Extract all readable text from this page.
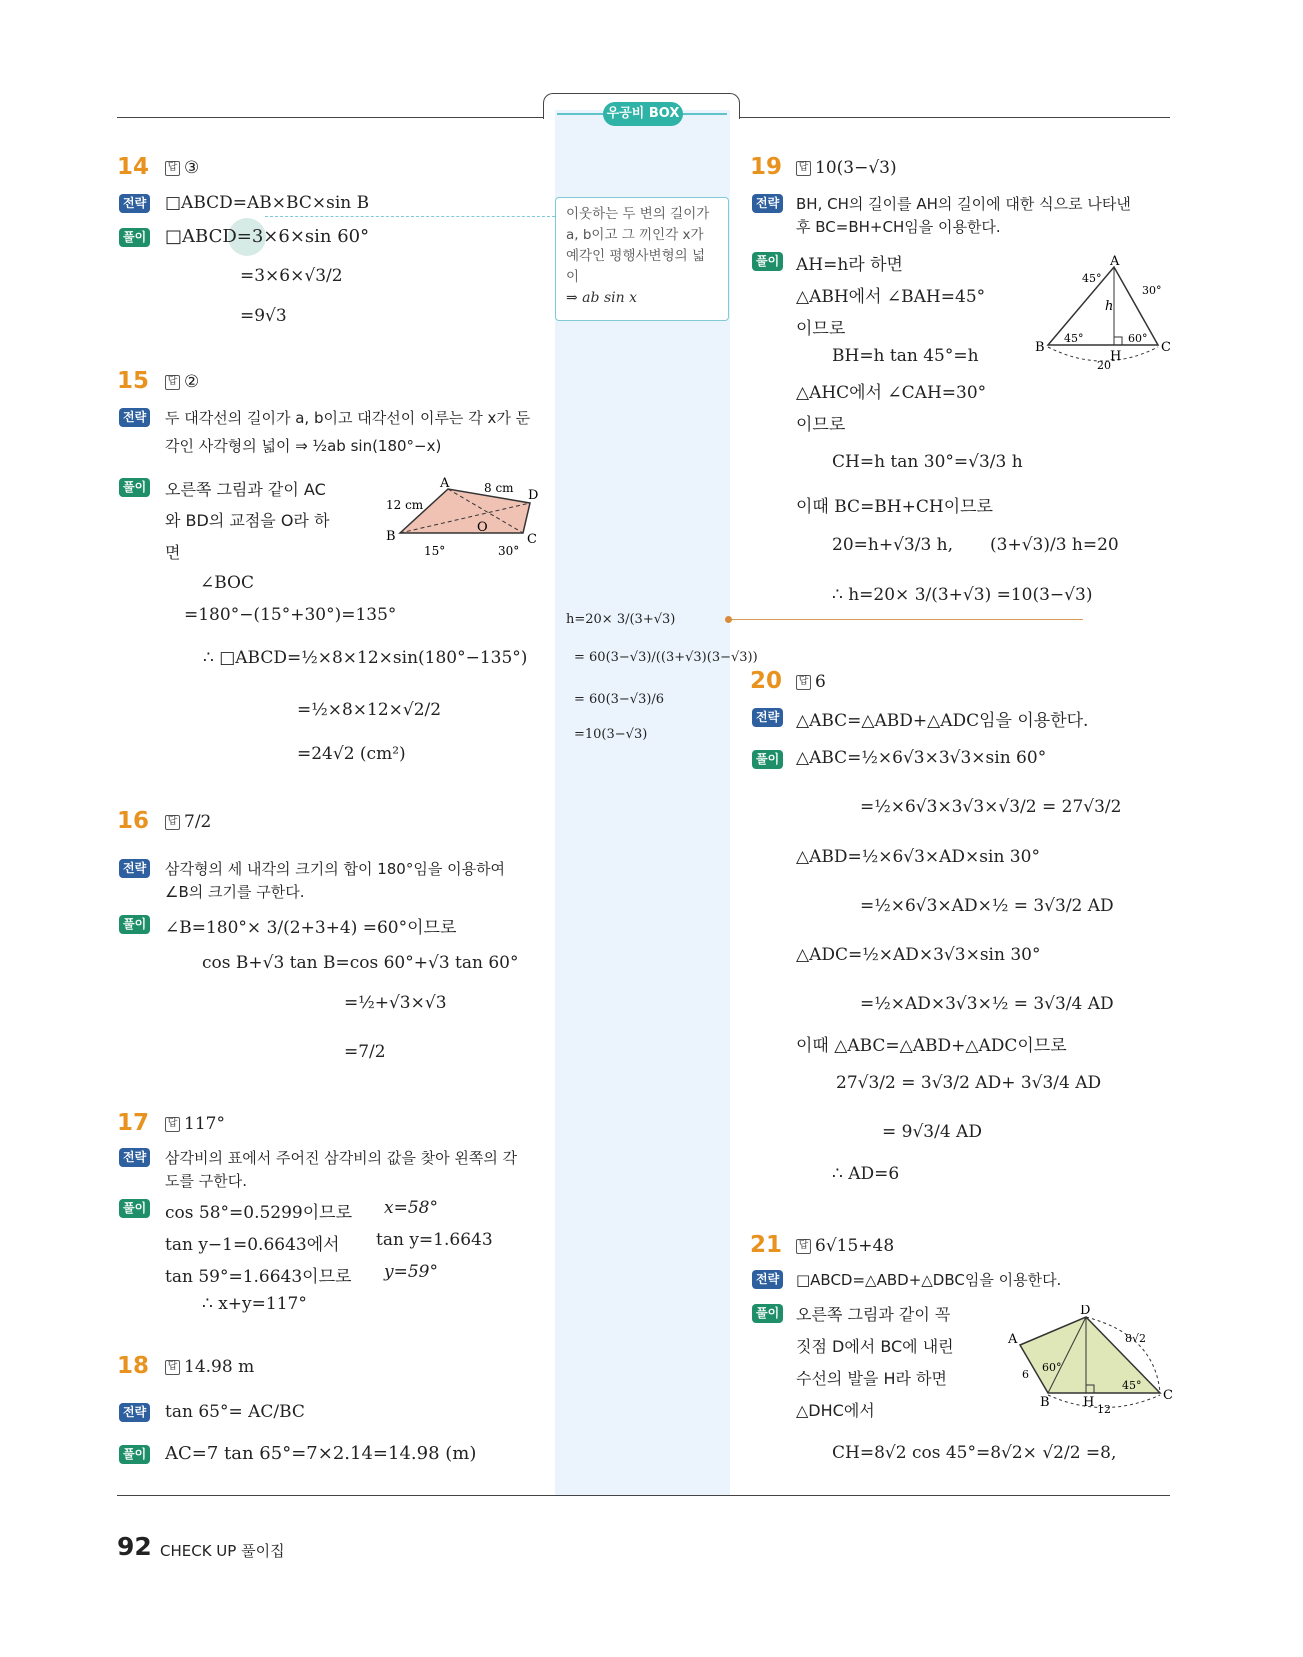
우공비 BOX
이웃하는 두 변의 길이가
a, b이고 그 끼인각 x가
예각인 평행사변형의 넓
이
⇒ ab sin x
h=20× 3/(3+√3)
= 60(3−√3)/((3+√3)(3−√3))
= 60(3−√3)/6
=10(3−√3)
14 답 ③
전략 □ABCD=AB×BC×sin B
풀이 □ABCD=3×6×sin 60°
=3×6×√3/2
=9√3
15 답 ②
전략 두 대각선의 길이가 a, b이고 대각선이 이루는 각 x가 둔
각인 사각형의 넓이 ⇒ ½ab sin(180°−x)
풀이 오른쪽 그림과 같이 AC
와 BD의 교점을 O라 하
면
A
B	C
D
O
12 cm
8 cm
15°	30°
∠BOC
=180°−(15°+30°)=135°
∴ □ABCD=½×8×12×sin(180°−135°)
=½×8×12×√2/2
=24√2 (cm²)
16 답 7/2
전략 삼각형의 세 내각의 크기의 합이 180°임을 이용하여
∠B의 크기를 구한다.
풀이 ∠B=180°× 3/(2+3+4) =60°이므로
cos B+√3 tan B=cos 60°+√3 tan 60°
=½+√3×√3
=7/2
17 답 117°
전략 삼각비의 표에서 주어진 삼각비의 값을 찾아 왼쪽의 각
도를 구한다.
풀이 cos 58°=0.5299이므로 x=58°
tan y−1=0.6643에서 tan y=1.6643
tan 59°=1.6643이므로 y=59°
∴ x+y=117°
18 답 14.98 m
전략 tan 65°= AC/BC
풀이 AC=7 tan 65°=7×2.14=14.98 (m)
19 답 10(3−√3)
전략 BH, CH의 길이를 AH의 길이에 대한 식으로 나타낸
후 BC=BH+CH임을 이용한다.
풀이 AH=h라 하면
△ABH에서 ∠BAH=45°
이므로
BH=h tan 45°=h
△AHC에서 ∠CAH=30°
이므로
CH=h tan 30°=√3/3 h
이때 BC=BH+CH이므로
20=h+√3/3 h, (3+√3)/3 h=20
∴ h=20× 3/(3+√3) =10(3−√3)
A
B	C
H
h
45°
30°
45°	60°
20
20 답 6
전략 △ABC=△ABD+△ADC임을 이용한다.
풀이 △ABC=½×6√3×3√3×sin 60°
=½×6√3×3√3×√3/2 = 27√3/2
△ABD=½×6√3×AD×sin 30°
=½×6√3×AD×½ = 3√3/2 AD
△ADC=½×AD×3√3×sin 30°
=½×AD×3√3×½ = 3√3/4 AD
이때 △ABC=△ABD+△ADC이므로
27√3/2 = 3√3/2 AD+ 3√3/4 AD
= 9√3/4 AD
∴ AD=6
21 답 6√15+48
전략 □ABCD=△ABD+△DBC임을 이용한다.
풀이 오른쪽 그림과 같이 꼭
짓점 D에서 BC에 내린
수선의 발을 H라 하면
△DHC에서
CH=8√2 cos 45°=8√2× √2/2 =8,
A
B	C
D
H
6
8√2
60°
45°
12
92 CHECK UP 풀이집
